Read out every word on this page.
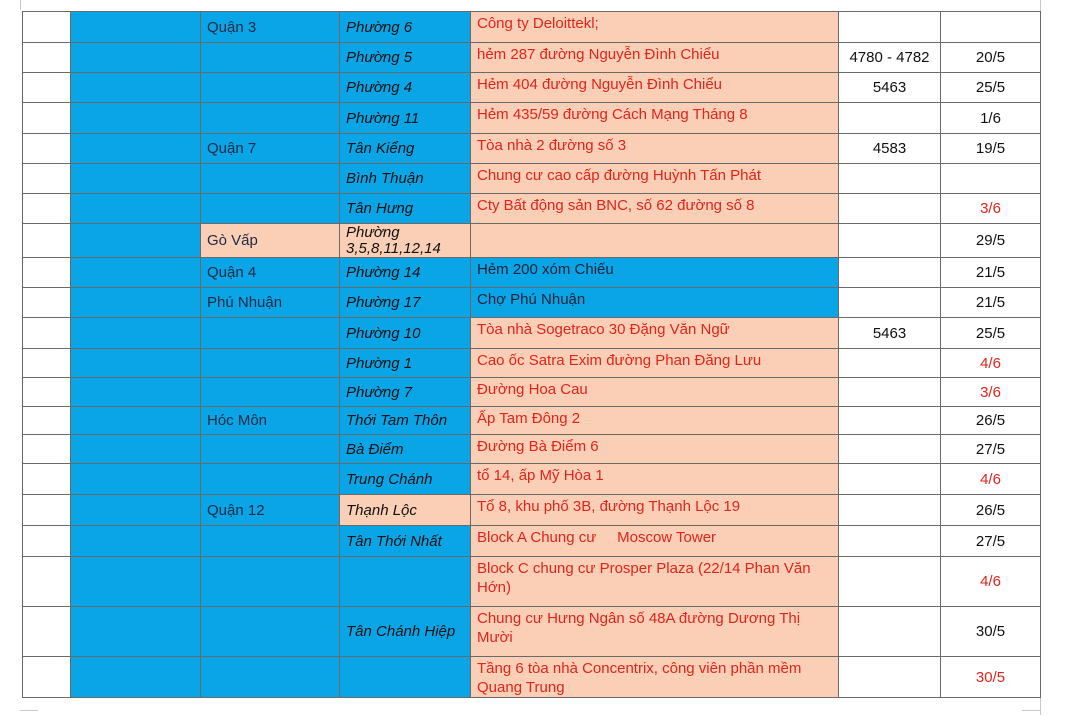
		Quận 3	Phường 6	Công ty Deloittekl;		
			Phường 5	hẻm 287 đường Nguyễn Đình Chiểu	4780 - 4782	20/5
			Phường 4	Hẻm 404 đường Nguyễn Đình Chiểu	5463	25/5
			Phường 11	Hẻm 435/59 đường Cách Mạng Tháng 8		1/6
		Quận 7	Tân Kiểng	Tòa nhà 2 đường số 3	4583	19/5
			Bình Thuận	Chung cư cao cấp đường Huỳnh Tấn Phát		
			Tân Hưng	Cty Bất động sản BNC, số 62 đường số 8		3/6
		Gò Vấp	Phường 3,5,8,11,12,14			29/5
		Quận 4	Phường 14	Hẻm 200 xóm Chiếu		21/5
		Phú Nhuận	Phường 17	Chợ Phú Nhuận		21/5
			Phường 10	Tòa nhà Sogetraco 30 Đặng Văn Ngữ	5463	25/5
			Phường 1	Cao ốc Satra Exim đường Phan Đăng Lưu		4/6
			Phường 7	Đường Hoa Cau		3/6
		Hóc Môn	Thới Tam Thôn	Ấp Tam Đông 2		26/5
			Bà Điểm	Đường Bà Điểm 6		27/5
			Trung Chánh	tổ 14, ấp Mỹ Hòa 1		4/6
		Quận 12	Thạnh Lộc	Tổ 8, khu phố 3B, đường Thạnh Lộc 19		26/5
			Tân Thới Nhất	Block A Chung cư     Moscow Tower		27/5
				Block C chung cư Prosper Plaza (22/14 Phan Văn Hớn)		4/6
			Tân Chánh Hiệp	Chung cư Hưng Ngân số 48A đường Dương Thị Mười		30/5
				Tầng 6 tòa nhà Concentrix, công viên phần mềm Quang Trung		30/5
